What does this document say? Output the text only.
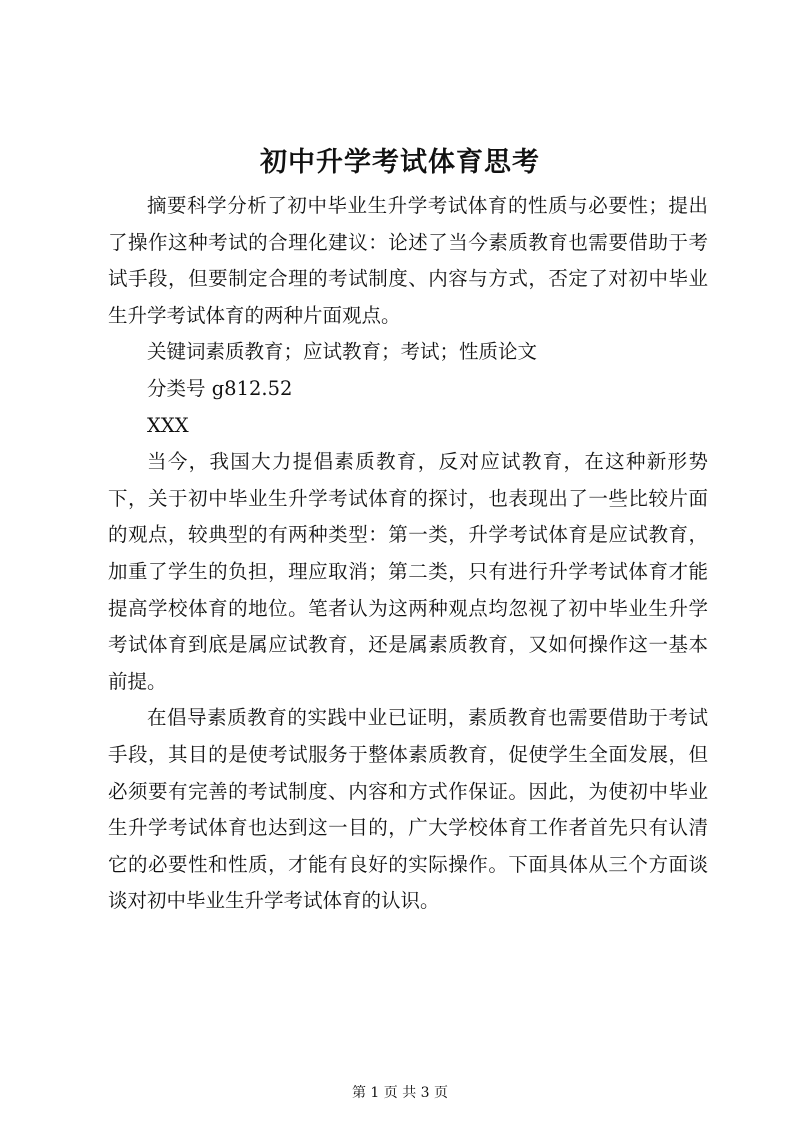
初中升学考试体育思考

摘要科学分析了初中毕业生升学考试体育的性质与必要性；提出了操作这种考试的合理化建议：论述了当今素质教育也需要借助于考试手段，但要制定合理的考试制度、内容与方式，否定了对初中毕业生升学考试体育的两种片面观点。

关键词素质教育；应试教育；考试；性质论文

分类号 g812.52

XXX

当今，我国大力提倡素质教育，反对应试教育，在这种新形势下，关于初中毕业生升学考试体育的探讨，也表现出了一些比较片面的观点，较典型的有两种类型：第一类，升学考试体育是应试教育，加重了学生的负担，理应取消；第二类，只有进行升学考试体育才能提高学校体育的地位。笔者认为这两种观点均忽视了初中毕业生升学考试体育到底是属应试教育，还是属素质教育，又如何操作这一基本前提。

在倡导素质教育的实践中业已证明，素质教育也需要借助于考试手段，其目的是使考试服务于整体素质教育，促使学生全面发展，但必须要有完善的考试制度、内容和方式作保证。因此，为使初中毕业生升学考试体育也达到这一目的，广大学校体育工作者首先只有认清它的必要性和性质，才能有良好的实际操作。下面具体从三个方面谈谈对初中毕业生升学考试体育的认识。

第 1 页 共 3 页
